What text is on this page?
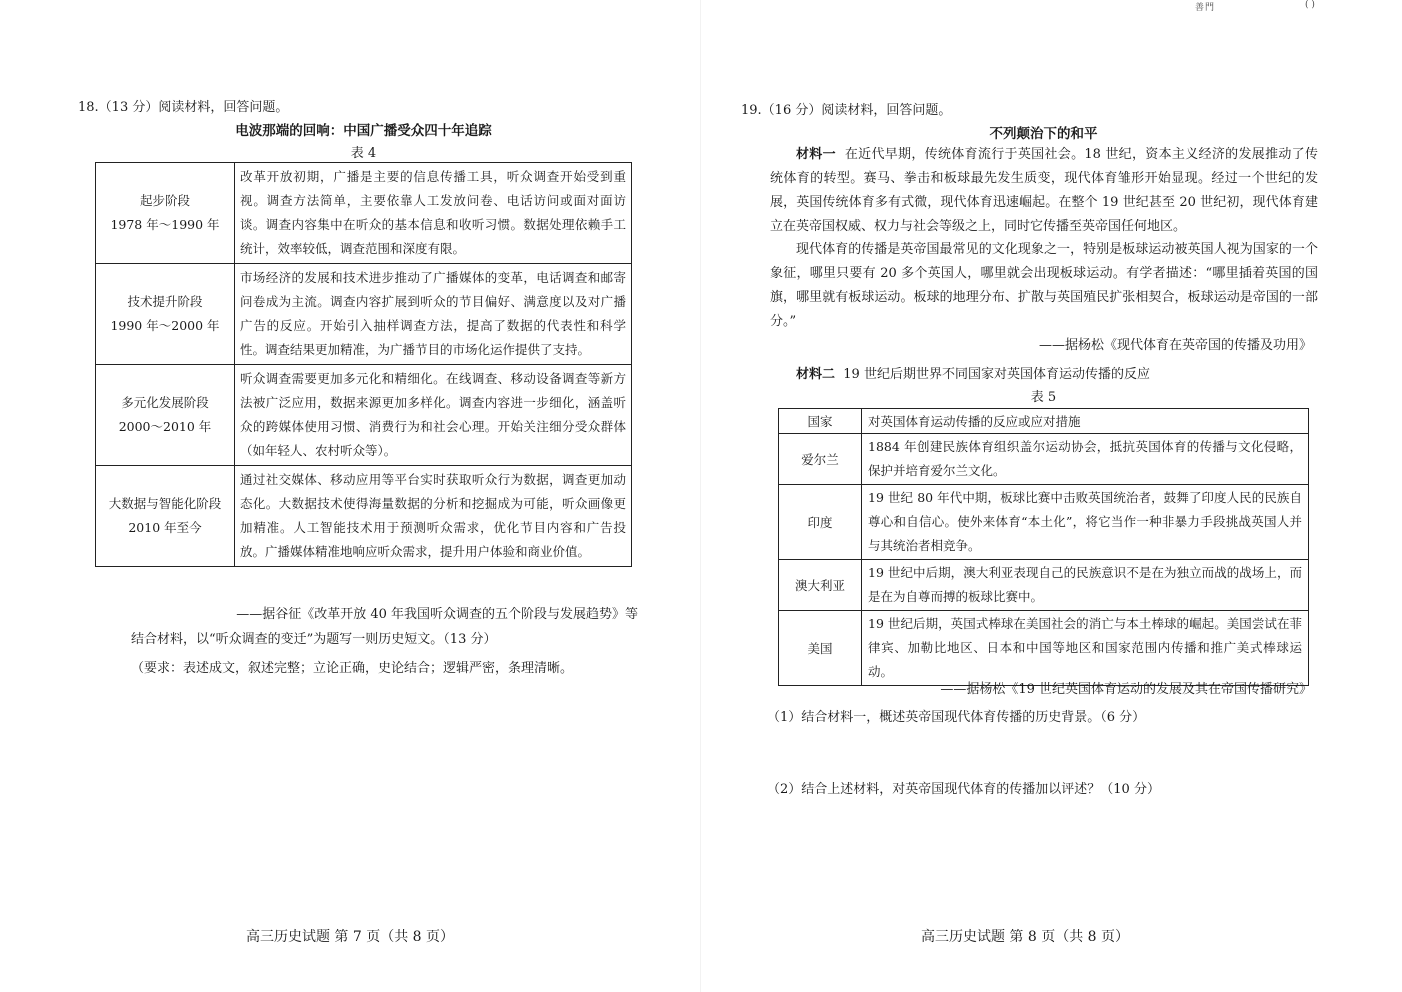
善門	( )
18.（13 分）阅读材料，回答问题。
电波那端的回响：中国广播受众四十年追踪
表 4
起步阶段
1978 年～1990 年	改革开放初期，广播是主要的信息传播工具，听众调查开始受到重视。调查方法简单，主要依靠人工发放问卷、电话访问或面对面访谈。调查内容集中在听众的基本信息和收听习惯。数据处理依赖手工统计，效率较低，调查范围和深度有限。

技术提升阶段
1990 年～2000 年	市场经济的发展和技术进步推动了广播媒体的变革，电话调查和邮寄问卷成为主流。调查内容扩展到听众的节目偏好、满意度以及对广播广告的反应。开始引入抽样调查方法，提高了数据的代表性和科学性。调查结果更加精准，为广播节目的市场化运作提供了支持。

多元化发展阶段
2000～2010 年	听众调查需要更加多元化和精细化。在线调查、移动设备调查等新方法被广泛应用，数据来源更加多样化。调查内容进一步细化，涵盖听众的跨媒体使用习惯、消费行为和社会心理。开始关注细分受众群体（如年轻人、农村听众等）。

大数据与智能化阶段
2010 年至今	通过社交媒体、移动应用等平台实时获取听众行为数据，调查更加动态化。大数据技术使得海量数据的分析和挖掘成为可能，听众画像更加精准。人工智能技术用于预测听众需求，优化节目内容和广告投放。广播媒体精准地响应听众需求，提升用户体验和商业价值。
——据谷征《改革开放 40 年我国听众调查的五个阶段与发展趋势》等
结合材料，以“听众调查的变迁”为题写一则历史短文。（13 分）
（要求：表述成文，叙述完整；立论正确，史论结合；逻辑严密，条理清晰。
高三历史试题 第 7 页（共 8 页）
19.（16 分）阅读材料，回答问题。
不列颠治下的和平
材料一 在近代早期，传统体育流行于英国社会。18 世纪，资本主义经济的发展推动了传统体育的转型。赛马、拳击和板球最先发生质变，现代体育雏形开始显现。经过一个世纪的发展，英国传统体育多有式微，现代体育迅速崛起。在整个 19 世纪甚至 20 世纪初，现代体育建立在英帝国权威、权力与社会等级之上，同时它传播至英帝国任何地区。
现代体育的传播是英帝国最常见的文化现象之一，特别是板球运动被英国人视为国家的一个象征，哪里只要有 20 多个英国人，哪里就会出现板球运动。有学者描述：“哪里插着英国的国旗，哪里就有板球运动。板球的地理分布、扩散与英国殖民扩张相契合，板球运动是帝国的一部分。”
——据杨松《现代体育在英帝国的传播及功用》
材料二 19 世纪后期世界不同国家对英国体育运动传播的反应
表 5
国家	对英国体育运动传播的反应或应对措施
爱尔兰	1884 年创建民族体育组织盖尔运动协会，抵抗英国体育的传播与文化侵略，保护并培育爱尔兰文化。
印度	19 世纪 80 年代中期，板球比赛中击败英国统治者，鼓舞了印度人民的民族自尊心和自信心。使外来体育“本土化”，将它当作一种非暴力手段挑战英国人并与其统治者相竞争。
澳大利亚	19 世纪中后期，澳大利亚表现自己的民族意识不是在为独立而战的战场上，而是在为自尊而搏的板球比赛中。
美国	19 世纪后期，英国式棒球在美国社会的消亡与本土棒球的崛起。美国尝试在菲律宾、加勒比地区、日本和中国等地区和国家范围内传播和推广美式棒球运动。
——据杨松《19 世纪英国体育运动的发展及其在帝国传播研究》
（1）结合材料一，概述英帝国现代体育传播的历史背景。（6 分）
（2）结合上述材料，对英帝国现代体育的传播加以评述？（10 分）
高三历史试题 第 8 页（共 8 页）
